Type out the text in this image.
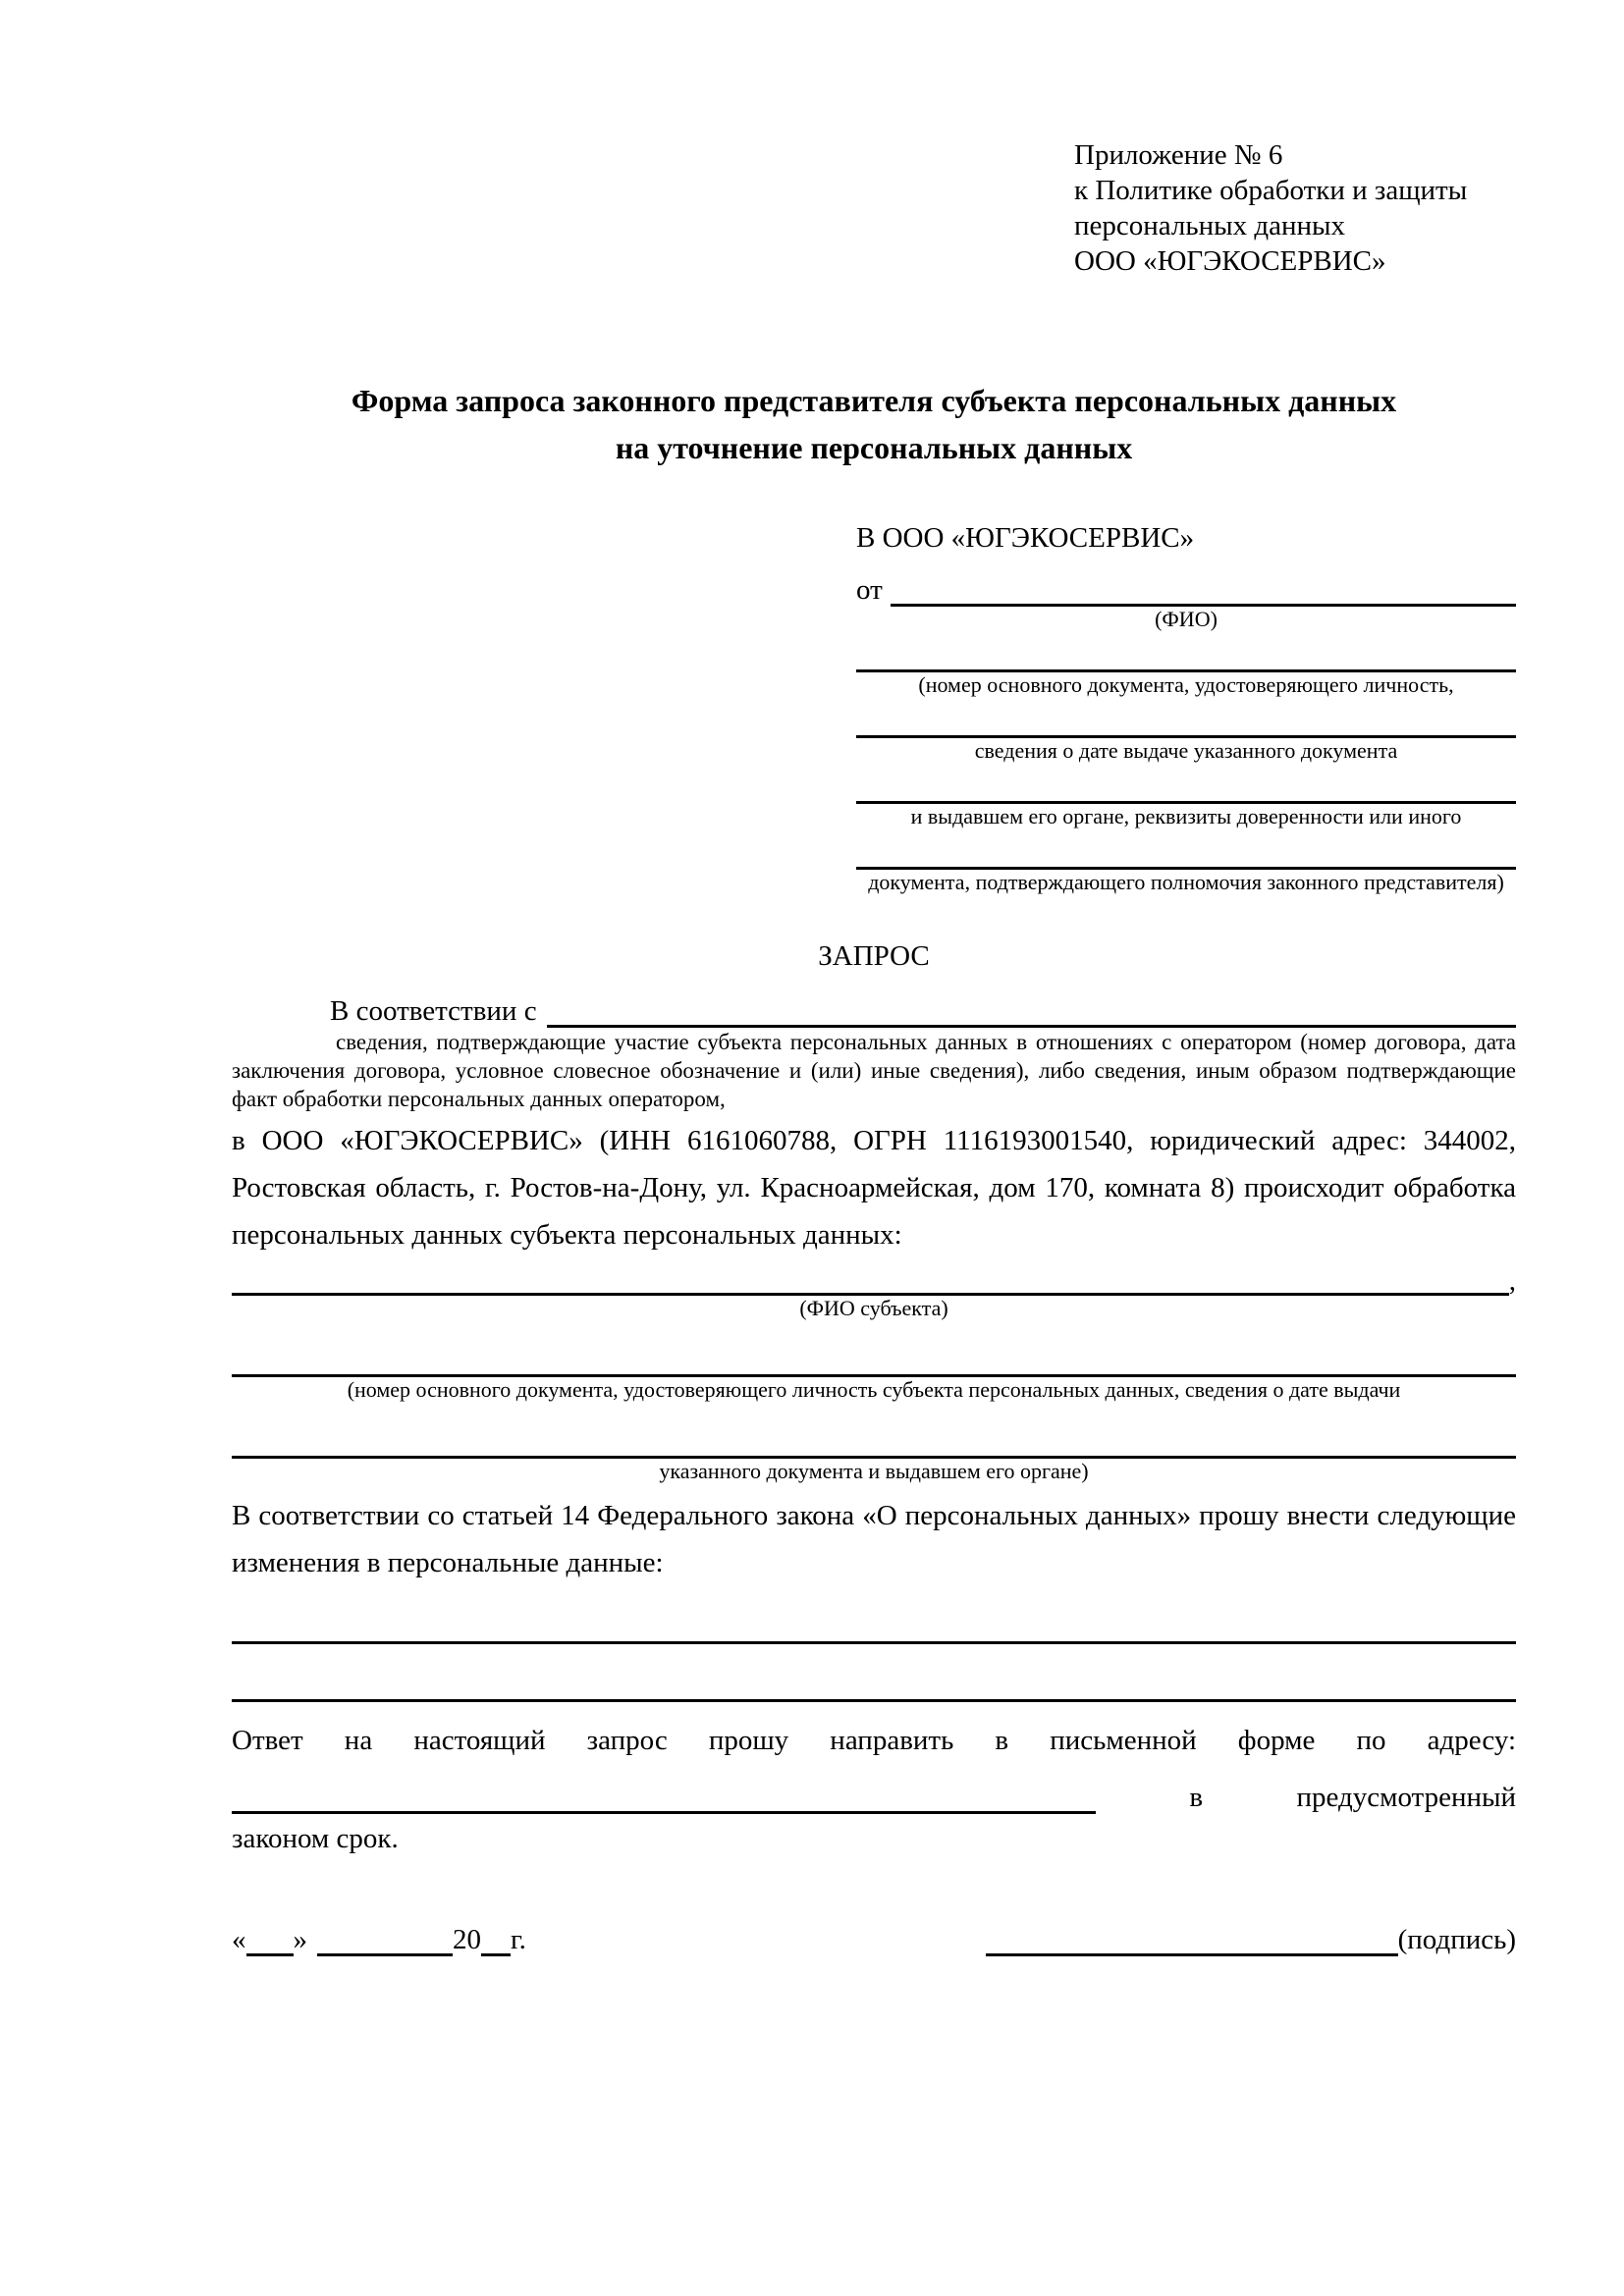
Приложение № 6
к Политике обработки и защиты
персональных данных
ООО «ЮГЭКОСЕРВИС»
Форма запроса законного представителя субъекта персональных данных
на уточнение персональных данных
В ООО «ЮГЭКОСЕРВИС»
от
(ФИО)
(номер основного документа, удостоверяющего личность,
сведения о дате выдаче указанного документа
и выдавшем его органе, реквизиты доверенности или иного
документа, подтверждающего полномочия законного представителя)
ЗАПРОС
В соответствии с
сведения, подтверждающие участие субъекта персональных данных в отношениях с оператором (номер договора, дата заключения договора, условное словесное обозначение и (или) иные сведения), либо сведения, иным образом подтверждающие факт обработки персональных данных оператором,
в ООО «ЮГЭКОСЕРВИС» (ИНН 6161060788, ОГРН 1116193001540, юридический адрес: 344002, Ростовская область, г. Ростов-на-Дону, ул. Красноармейская, дом 170, комната 8) происходит обработка персональных данных субъекта персональных данных:
,
(ФИО субъекта)
(номер основного документа, удостоверяющего личность субъекта персональных данных, сведения о дате выдачи
указанного документа и выдавшем его органе)
В соответствии со статьей 14 Федерального закона «О персональных данных» прошу внести следующие изменения в персональные данные:
Ответ на настоящий запрос прошу направить в письменной форме по адресу:
в	предусмотренный
законом срок.
« »	20 г.	(подпись)
